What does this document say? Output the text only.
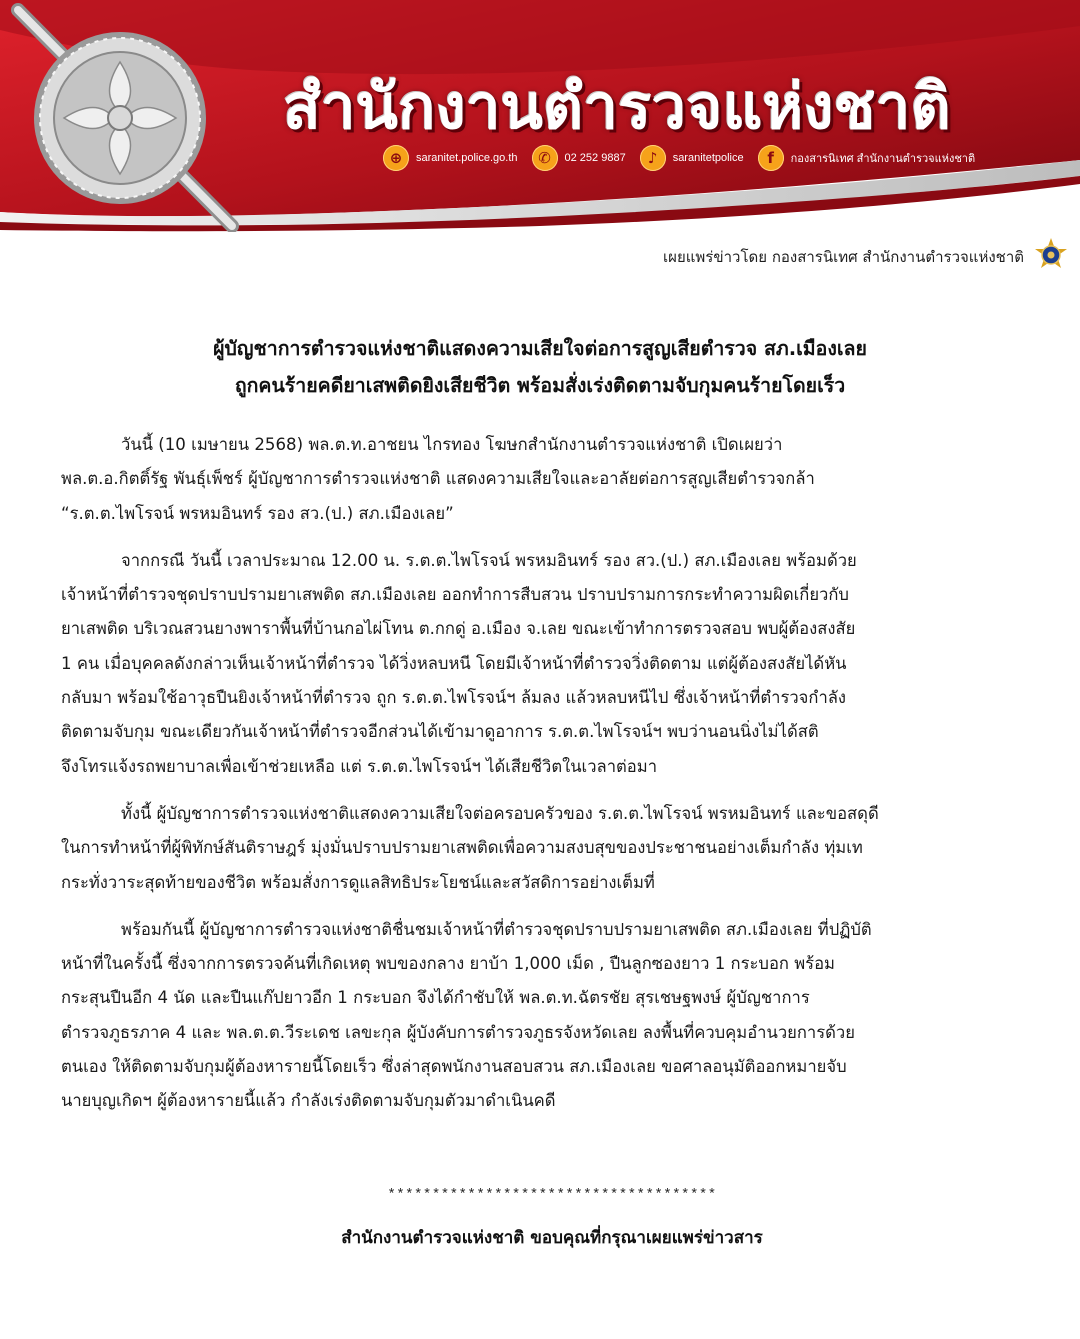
สำนักงานตำรวจแห่งชาติ
⊕	saranitet.police.go.th	✆	02 252 9887	♪	saranitetpolice	f	กองสารนิเทศ สำนักงานตำรวจแห่งชาติ
เผยแพร่ข่าวโดย กองสารนิเทศ สำนักงานตำรวจแห่งชาติ
ผู้บัญชาการตำรวจแห่งชาติแสดงความเสียใจต่อการสูญเสียตำรวจ สภ.เมืองเลย
ถูกคนร้ายคดียาเสพติดยิงเสียชีวิต พร้อมสั่งเร่งติดตามจับกุมคนร้ายโดยเร็ว

วันนี้ (10 เมษายน 2568) พล.ต.ท.อาชยน ไกรทอง โฆษกสำนักงานตำรวจแห่งชาติ เปิดเผยว่า
พล.ต.อ.กิตติ์รัฐ พันธุ์เพ็ชร์ ผู้บัญชาการตำรวจแห่งชาติ แสดงความเสียใจและอาลัยต่อการสูญเสียตำรวจกล้า
“ร.ต.ต.ไพโรจน์ พรหมอินทร์ รอง สว.(ป.) สภ.เมืองเลย”

จากกรณี วันนี้ เวลาประมาณ 12.00 น. ร.ต.ต.ไพโรจน์ พรหมอินทร์ รอง สว.(ป.) สภ.เมืองเลย พร้อมด้วย
เจ้าหน้าที่ตำรวจชุดปราบปรามยาเสพติด สภ.เมืองเลย ออกทำการสืบสวน ปราบปรามการกระทำความผิดเกี่ยวกับ
ยาเสพติด บริเวณสวนยางพาราพื้นที่บ้านกอไผ่โทน ต.กกดู่ อ.เมือง จ.เลย ขณะเข้าทำการตรวจสอบ พบผู้ต้องสงสัย
1 คน เมื่อบุคคลดังกล่าวเห็นเจ้าหน้าที่ตำรวจ ได้วิ่งหลบหนี โดยมีเจ้าหน้าที่ตำรวจวิ่งติดตาม แต่ผู้ต้องสงสัยได้หัน
กลับมา พร้อมใช้อาวุธปืนยิงเจ้าหน้าที่ตำรวจ ถูก ร.ต.ต.ไพโรจน์ฯ ล้มลง แล้วหลบหนีไป ซึ่งเจ้าหน้าที่ตำรวจกำลัง
ติดตามจับกุม ขณะเดียวกันเจ้าหน้าที่ตำรวจอีกส่วนได้เข้ามาดูอาการ ร.ต.ต.ไพโรจน์ฯ พบว่านอนนิ่งไม่ได้สติ
จึงโทรแจ้งรถพยาบาลเพื่อเข้าช่วยเหลือ แต่ ร.ต.ต.ไพโรจน์ฯ ได้เสียชีวิตในเวลาต่อมา

ทั้งนี้ ผู้บัญชาการตำรวจแห่งชาติแสดงความเสียใจต่อครอบครัวของ ร.ต.ต.ไพโรจน์ พรหมอินทร์ และขอสดุดี
ในการทำหน้าที่ผู้พิทักษ์สันติราษฎร์ มุ่งมั่นปราบปรามยาเสพติดเพื่อความสงบสุขของประชาชนอย่างเต็มกำลัง ทุ่มเท
กระทั่งวาระสุดท้ายของชีวิต พร้อมสั่งการดูแลสิทธิประโยชน์และสวัสดิการอย่างเต็มที่

พร้อมกันนี้ ผู้บัญชาการตำรวจแห่งชาติชื่นชมเจ้าหน้าที่ตำรวจชุดปราบปรามยาเสพติด สภ.เมืองเลย ที่ปฏิบัติ
หน้าที่ในครั้งนี้ ซึ่งจากการตรวจค้นที่เกิดเหตุ พบของกลาง ยาบ้า 1,000 เม็ด , ปืนลูกซองยาว 1 กระบอก พร้อม
กระสุนปืนอีก 4 นัด และปืนแก๊ปยาวอีก 1 กระบอก จึงได้กำชับให้ พล.ต.ท.ฉัตรชัย สุรเชษฐพงษ์ ผู้บัญชาการ
ตำรวจภูธรภาค 4 และ พล.ต.ต.วีระเดช เลขะกุล ผู้บังคับการตำรวจภูธรจังหวัดเลย ลงพื้นที่ควบคุมอำนวยการด้วย
ตนเอง ให้ติดตามจับกุมผู้ต้องหารายนี้โดยเร็ว ซึ่งล่าสุดพนักงานสอบสวน สภ.เมืองเลย ขอศาลอนุมัติออกหมายจับ
นายบุญเกิดฯ ผู้ต้องหารายนี้แล้ว กำลังเร่งติดตามจับกุมตัวมาดำเนินคดี

*************************************
สำนักงานตำรวจแห่งชาติ ขอบคุณที่กรุณาเผยแพร่ข่าวสาร
